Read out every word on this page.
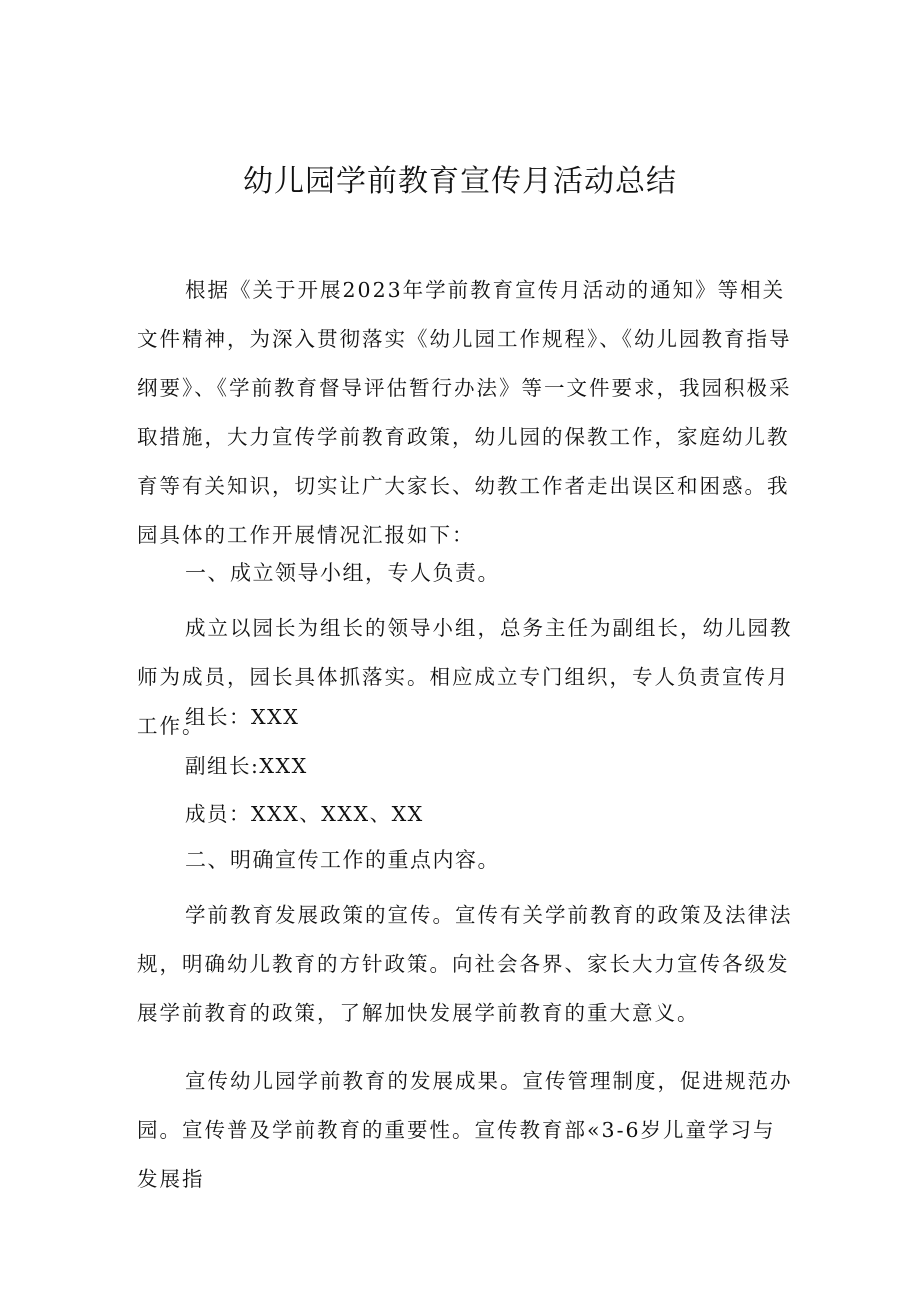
幼儿园学前教育宣传月活动总结

根据《关于开展2023年学前教育宣传月活动的通知》等相关文件精神，为深入贯彻落实《幼儿园工作规程》、《幼儿园教育指导纲要》、《学前教育督导评估暂行办法》等一文件要求，我园积极采取措施，大力宣传学前教育政策，幼儿园的保教工作，家庭幼儿教育等有关知识，切实让广大家长、幼教工作者走出误区和困惑。我园具体的工作开展情况汇报如下：

一、成立领导小组，专人负责。

成立以园长为组长的领导小组，总务主任为副组长，幼儿园教师为成员，园长具体抓落实。相应成立专门组织，专人负责宣传月工作。

组长：XXX

副组长:XXX

成员：XXX、XXX、XX

二、明确宣传工作的重点内容。

学前教育发展政策的宣传。宣传有关学前教育的政策及法律法规，明确幼儿教育的方针政策。向社会各界、家长大力宣传各级发展学前教育的政策，了解加快发展学前教育的重大意义。

宣传幼儿园学前教育的发展成果。宣传管理制度，促进规范办园。宣传普及学前教育的重要性。宣传教育部«3-6岁儿童学习与发展指
